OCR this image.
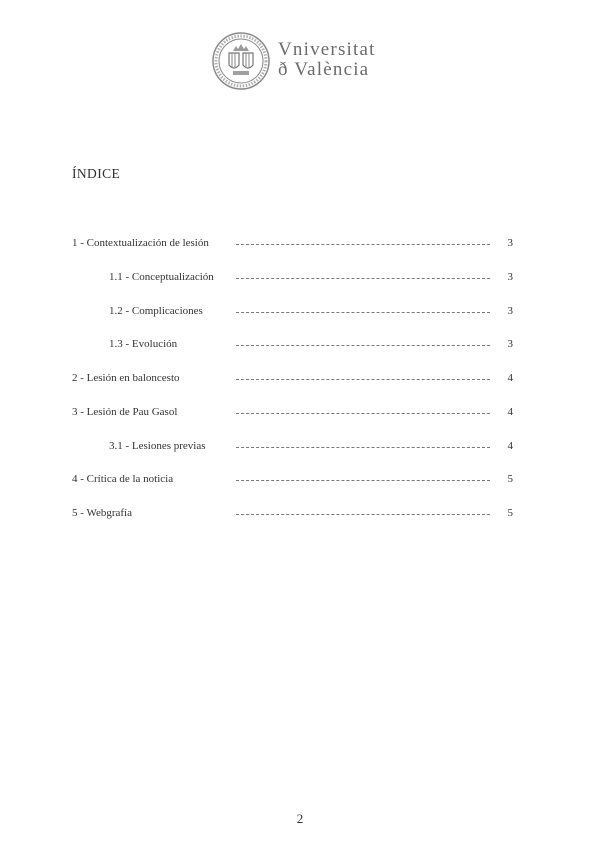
Vniversitat
ð València
ÍNDICE
1 - Contextualización de lesión	3
1.1 - Conceptualización	3
1.2 - Complicaciones	3
1.3 - Evolución	3
2 - Lesión en baloncesto	4
3 - Lesión de Pau Gasol	4
3.1 - Lesiones previas	4
4 - Crítica de la noticia	5
5 - Webgrafía	5
2
